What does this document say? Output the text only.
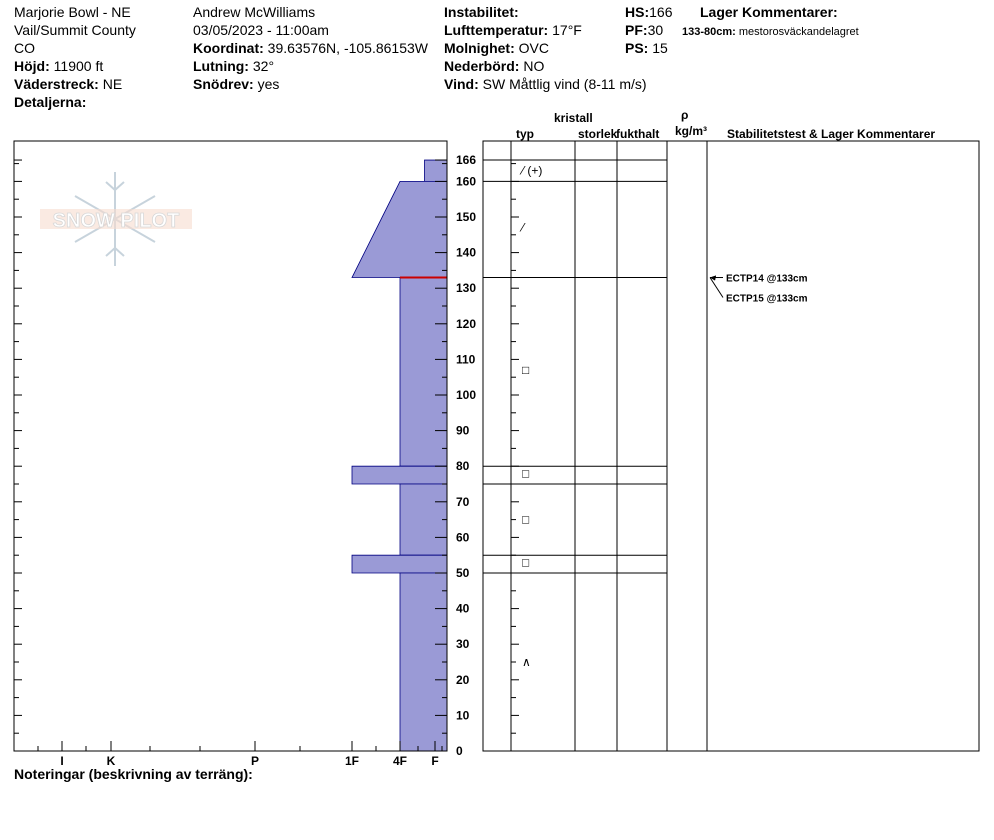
Marjorie Bowl - NE
Vail/Summit County
CO
Höjd: 11900 ft
Väderstreck: NE
Detaljerna:
Andrew McWilliams
03/05/2023 - 11:00am
Koordinat: 39.63576N, -105.86153W
Lutning: 32°
Snödrev: yes
Instabilitet:
Lufttemperatur: 17°F
Molnighet: OVC
Nederbörd: NO
Vind: SW Måttlig vind (8-11 m/s)
HS:166
PF:30
PS: 15
Lager Kommentarer:
133-80cm: mestorosväckandelagret
kristall
typ	storlek
fukthalt
ρ
kg/m³ Stabilitetstest & Lager Kommentarer
SNOW PILOT
I	K	P	1F	4F F
0
10
20
30
40
50
60
70
80
90
100
110
120
130
140
150
160
166
⁄ (+)
⁄
□
□
□
□
∧
ECTP14 @133cm
ECTP15 @133cm
Noteringar (beskrivning av terräng):
